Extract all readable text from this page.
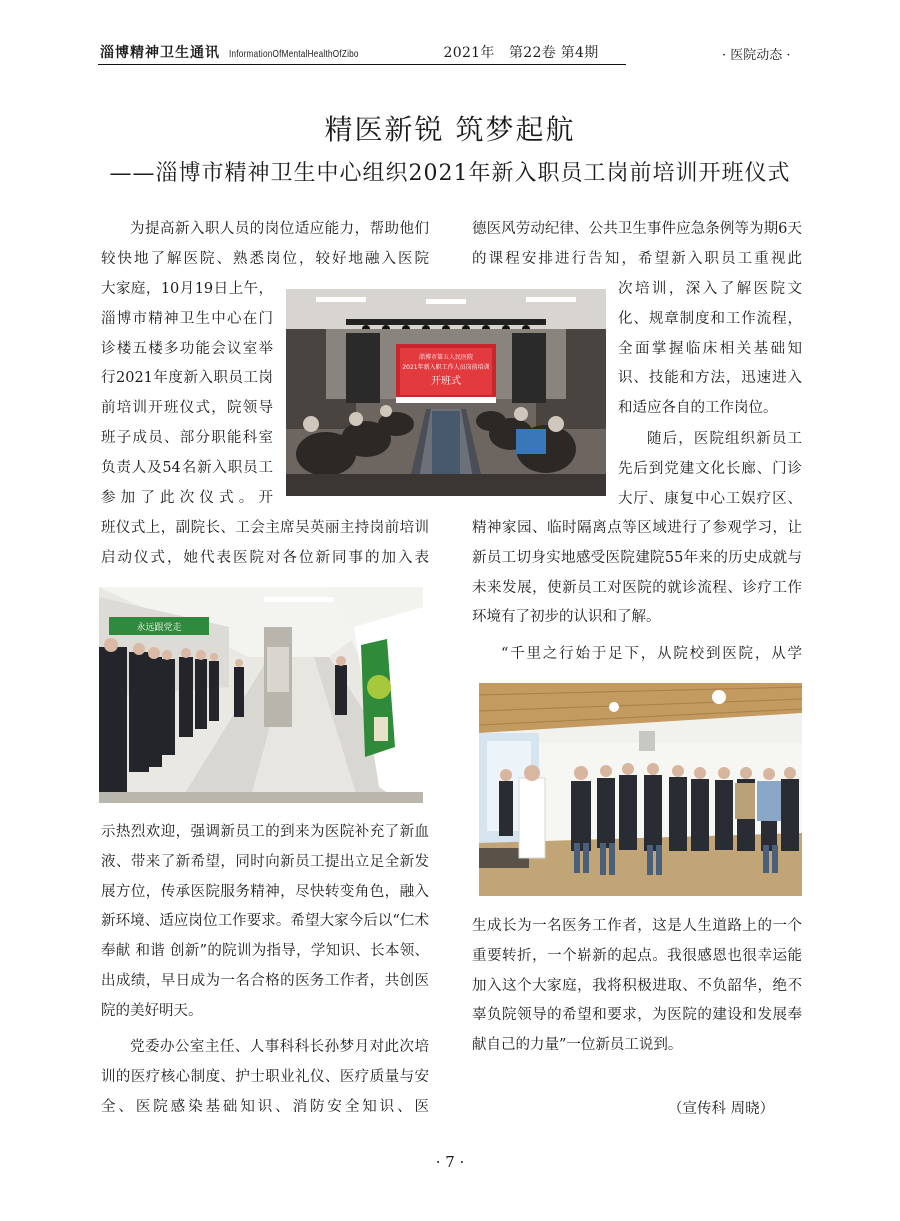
淄博精神卫生通讯 InformationOfMentalHealthOfZibo	2021年　第22卷 第4期	· 医院动态 ·
精医新锐 筑梦起航
——淄博市精神卫生中心组织2021年新入职员工岗前培训开班仪式
为提高新入职人员的岗位适应能力，帮助他们较快地了解医院、熟悉岗位，较好地融入医院
大家庭，10月19日上午，淄博市精神卫生中心在门诊楼五楼多功能会议室举行2021年度新入职员工岗前培训开班仪式，院领导班子成员、部分职能科室负责人及54名新入职员工参加了此次仪式。开
班仪式上，副院长、工会主席吴英丽主持岗前培训启动仪式，她代表医院对各位新同事的加入表
示热烈欢迎，强调新员工的到来为医院补充了新血液、带来了新希望，同时向新员工提出立足全新发展方位，传承医院服务精神，尽快转变角色，融入新环境、适应岗位工作要求。希望大家今后以“仁术 奉献 和谐 创新”的院训为指导，学知识、长本领、出成绩，早日成为一名合格的医务工作者，共创医院的美好明天。
党委办公室主任、人事科科长孙梦月对此次培训的医疗核心制度、护士职业礼仪、医疗质量与安全、医院感染基础知识、消防安全知识、医
德医风劳动纪律、公共卫生事件应急条例等为期6天的课程安排进行告知，希望新入职员工重视此
次培训，深入了解医院文化、规章制度和工作流程，全面掌握临床相关基础知识、技能和方法，迅速进入和适应各自的工作岗位。
随后，医院组织新员工先后到党建文化长廊、门诊大厅、康复中心工娱疗区、
精神家园、临时隔离点等区域进行了参观学习，让新员工切身实地感受医院建院55年来的历史成就与未来发展，使新员工对医院的就诊流程、诊疗工作环境有了初步的认识和了解。
“千里之行始于足下，从院校到医院，从学
生成长为一名医务工作者，这是人生道路上的一个重要转折，一个崭新的起点。我很感恩也很幸运能加入这个大家庭，我将积极进取、不负韶华，绝不辜负院领导的希望和要求，为医院的建设和发展奉献自己的力量”一位新员工说到。
（宣传科 周晓）
淄博市第五人民医院
2021年新入职工作人员岗前培训
开班式
永远跟党走
· 7 ·
